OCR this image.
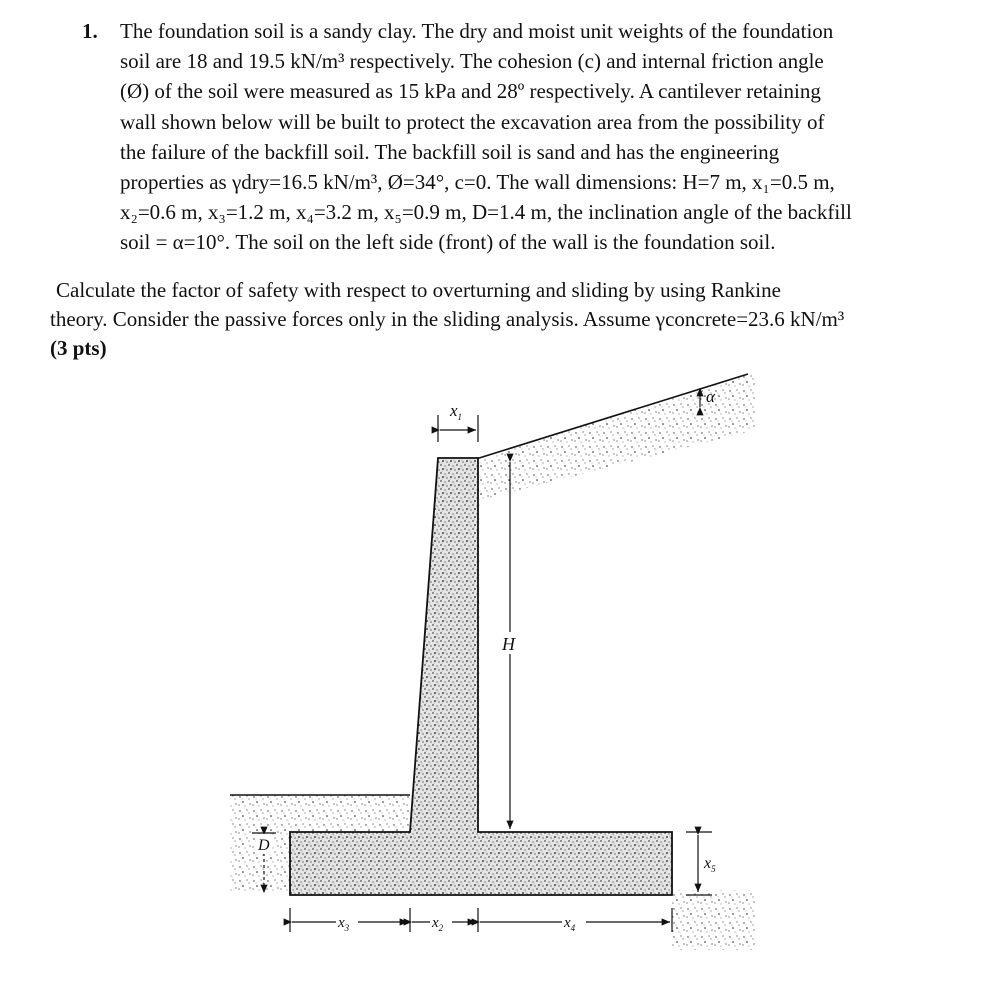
1. The foundation soil is a sandy clay. The dry and moist unit weights of the foundation
soil are 18 and 19.5 kN/m³ respectively. The cohesion (c) and internal friction angle
(Ø) of the soil were measured as 15 kPa and 28º respectively. A cantilever retaining
wall shown below will be built to protect the excavation area from the possibility of
the failure of the backfill soil. The backfill soil is sand and has the engineering
properties as γdry=16.5 kN/m³, Ø=34°, c=0. The wall dimensions: H=7 m, x₁=0.5 m,
x₂=0.6 m, x₃=1.2 m, x₄=3.2 m, x₅=0.9 m, D=1.4 m, the inclination angle of the backfill
soil = α=10°. The soil on the left side (front) of the wall is the foundation soil.
Calculate the factor of safety with respect to overturning and sliding by using Rankine
theory. Consider the passive forces only in the sliding analysis. Assume γconcrete=23.6 kN/m³
(3 pts)
$x_1$
α
H
D
$x_5$
$x_3$	$x_2$	$x_4$
